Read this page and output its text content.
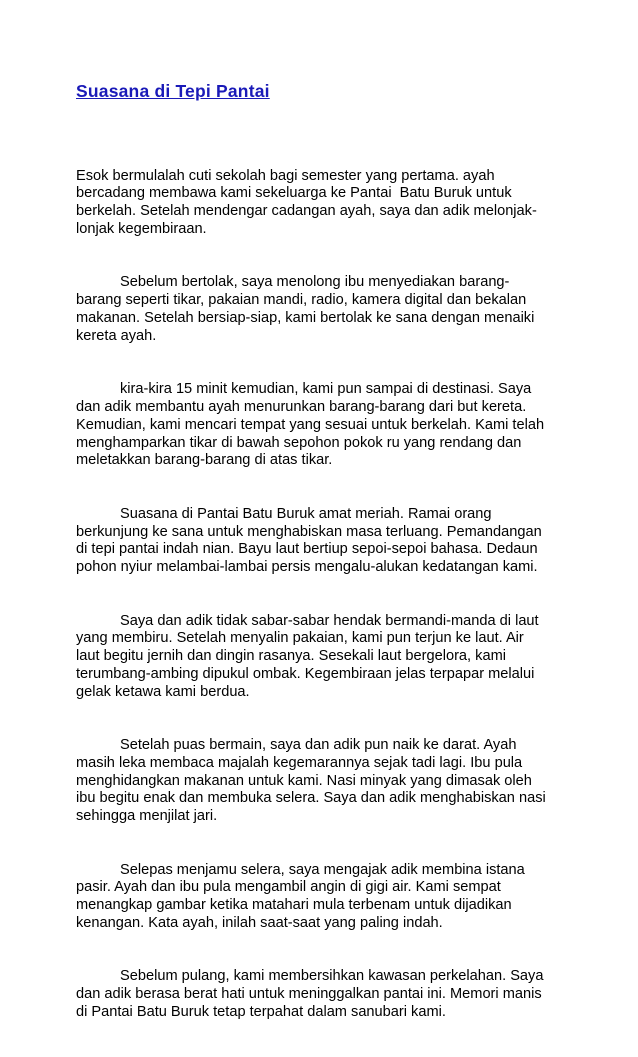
Suasana di Tepi Pantai

Esok bermulalah cuti sekolah bagi semester yang pertama. ayah
bercadang membawa kami sekeluarga ke Pantai  Batu Buruk untuk
berkelah. Setelah mendengar cadangan ayah, saya dan adik melonjak-
lonjak kegembiraan.

Sebelum bertolak, saya menolong ibu menyediakan barang-
barang seperti tikar, pakaian mandi, radio, kamera digital dan bekalan
makanan. Setelah bersiap-siap, kami bertolak ke sana dengan menaiki
kereta ayah.

kira-kira 15 minit kemudian, kami pun sampai di destinasi. Saya
dan adik membantu ayah menurunkan barang-barang dari but kereta.
Kemudian, kami mencari tempat yang sesuai untuk berkelah. Kami telah
menghamparkan tikar di bawah sepohon pokok ru yang rendang dan
meletakkan barang-barang di atas tikar.

Suasana di Pantai Batu Buruk amat meriah. Ramai orang
berkunjung ke sana untuk menghabiskan masa terluang. Pemandangan
di tepi pantai indah nian. Bayu laut bertiup sepoi-sepoi bahasa. Dedaun
pohon nyiur melambai-lambai persis mengalu-alukan kedatangan kami.

Saya dan adik tidak sabar-sabar hendak bermandi-manda di laut
yang membiru. Setelah menyalin pakaian, kami pun terjun ke laut. Air
laut begitu jernih dan dingin rasanya. Sesekali laut bergelora, kami
terumbang-ambing dipukul ombak. Kegembiraan jelas terpapar melalui
gelak ketawa kami berdua.

Setelah puas bermain, saya dan adik pun naik ke darat. Ayah
masih leka membaca majalah kegemarannya sejak tadi lagi. Ibu pula
menghidangkan makanan untuk kami. Nasi minyak yang dimasak oleh
ibu begitu enak dan membuka selera. Saya dan adik menghabiskan nasi
sehingga menjilat jari.

Selepas menjamu selera, saya mengajak adik membina istana
pasir. Ayah dan ibu pula mengambil angin di gigi air. Kami sempat
menangkap gambar ketika matahari mula terbenam untuk dijadikan
kenangan. Kata ayah, inilah saat-saat yang paling indah.

Sebelum pulang, kami membersihkan kawasan perkelahan. Saya
dan adik berasa berat hati untuk meninggalkan pantai ini. Memori manis
di Pantai Batu Buruk tetap terpahat dalam sanubari kami.
